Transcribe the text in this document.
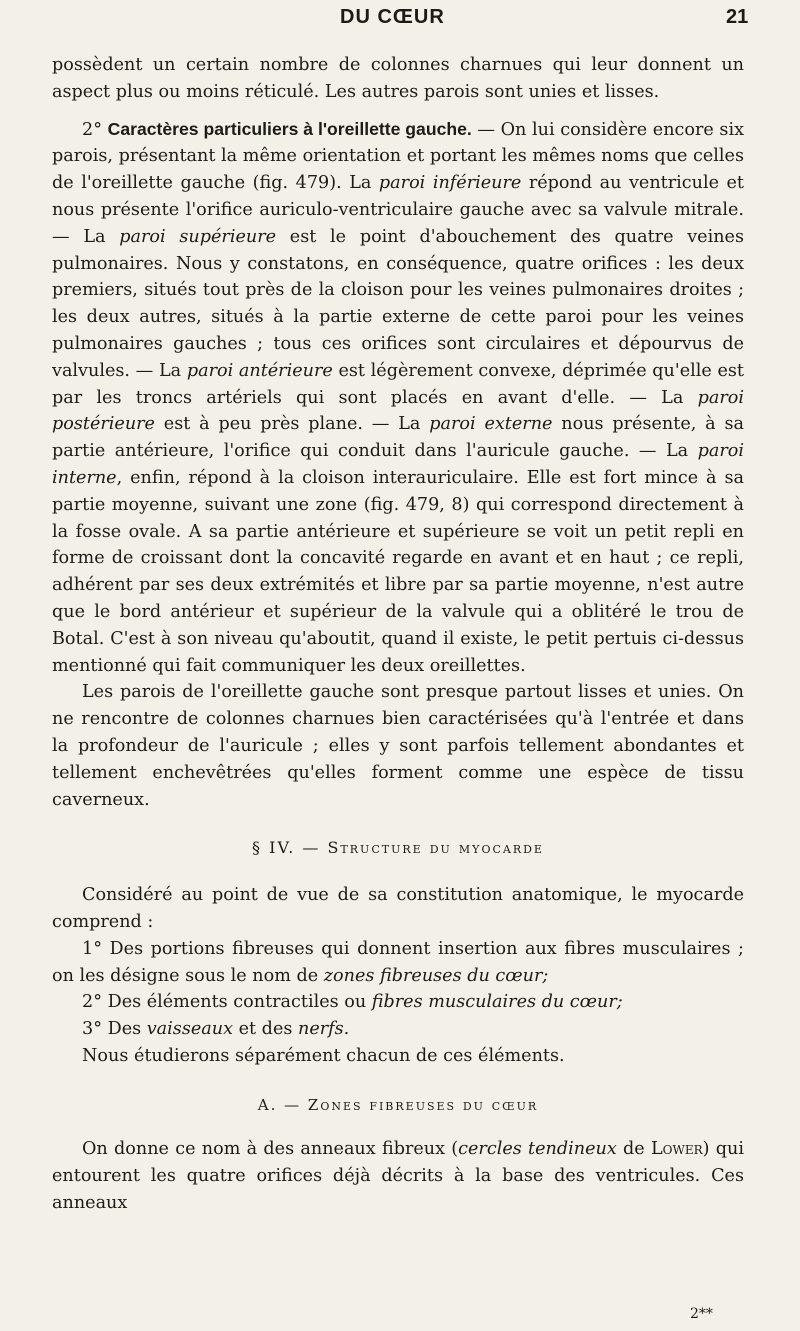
DU CŒUR	21

possèdent un certain nombre de colonnes charnues qui leur donnent un aspect plus ou moins réticulé. Les autres parois sont unies et lisses.

2° Caractères particuliers à l'oreillette gauche. — On lui considère encore six parois, présentant la même orientation et portant les mêmes noms que celles de l'oreillette gauche (fig. 479). La paroi inférieure répond au ventricule et nous présente l'orifice auriculo-ventriculaire gauche avec sa valvule mitrale. — La paroi supérieure est le point d'abouchement des quatre veines pulmonaires. Nous y constatons, en conséquence, quatre orifices : les deux premiers, situés tout près de la cloison pour les veines pulmonaires droites ; les deux autres, situés à la partie externe de cette paroi pour les veines pulmonaires gauches ; tous ces orifices sont circulaires et dépourvus de valvules. — La paroi antérieure est légèrement convexe, déprimée qu'elle est par les troncs artériels qui sont placés en avant d'elle. — La paroi postérieure est à peu près plane. — La paroi externe nous présente, à sa partie antérieure, l'orifice qui conduit dans l'auricule gauche. — La paroi interne, enfin, répond à la cloison interauriculaire. Elle est fort mince à sa partie moyenne, suivant une zone (fig. 479, 8) qui correspond directement à la fosse ovale. A sa partie antérieure et supérieure se voit un petit repli en forme de croissant dont la concavité regarde en avant et en haut ; ce repli, adhérent par ses deux extrémités et libre par sa partie moyenne, n'est autre que le bord antérieur et supérieur de la valvule qui a oblitéré le trou de Botal. C'est à son niveau qu'aboutit, quand il existe, le petit pertuis ci-dessus mentionné qui fait communiquer les deux oreillettes.

Les parois de l'oreillette gauche sont presque partout lisses et unies. On ne rencontre de colonnes charnues bien caractérisées qu'à l'entrée et dans la profondeur de l'auricule ; elles y sont parfois tellement abondantes et tellement enchevêtrées qu'elles forment comme une espèce de tissu caverneux.

§ IV. — Structure du myocarde

Considéré au point de vue de sa constitution anatomique, le myocarde comprend :

1° Des portions fibreuses qui donnent insertion aux fibres musculaires ; on les désigne sous le nom de zones fibreuses du cœur;

2° Des éléments contractiles ou fibres musculaires du cœur;

3° Des vaisseaux et des nerfs.

Nous étudierons séparément chacun de ces éléments.

A. — Zones fibreuses du cœur

On donne ce nom à des anneaux fibreux (cercles tendineux de Lower) qui entourent les quatre orifices déjà décrits à la base des ventricules. Ces anneaux

2**
